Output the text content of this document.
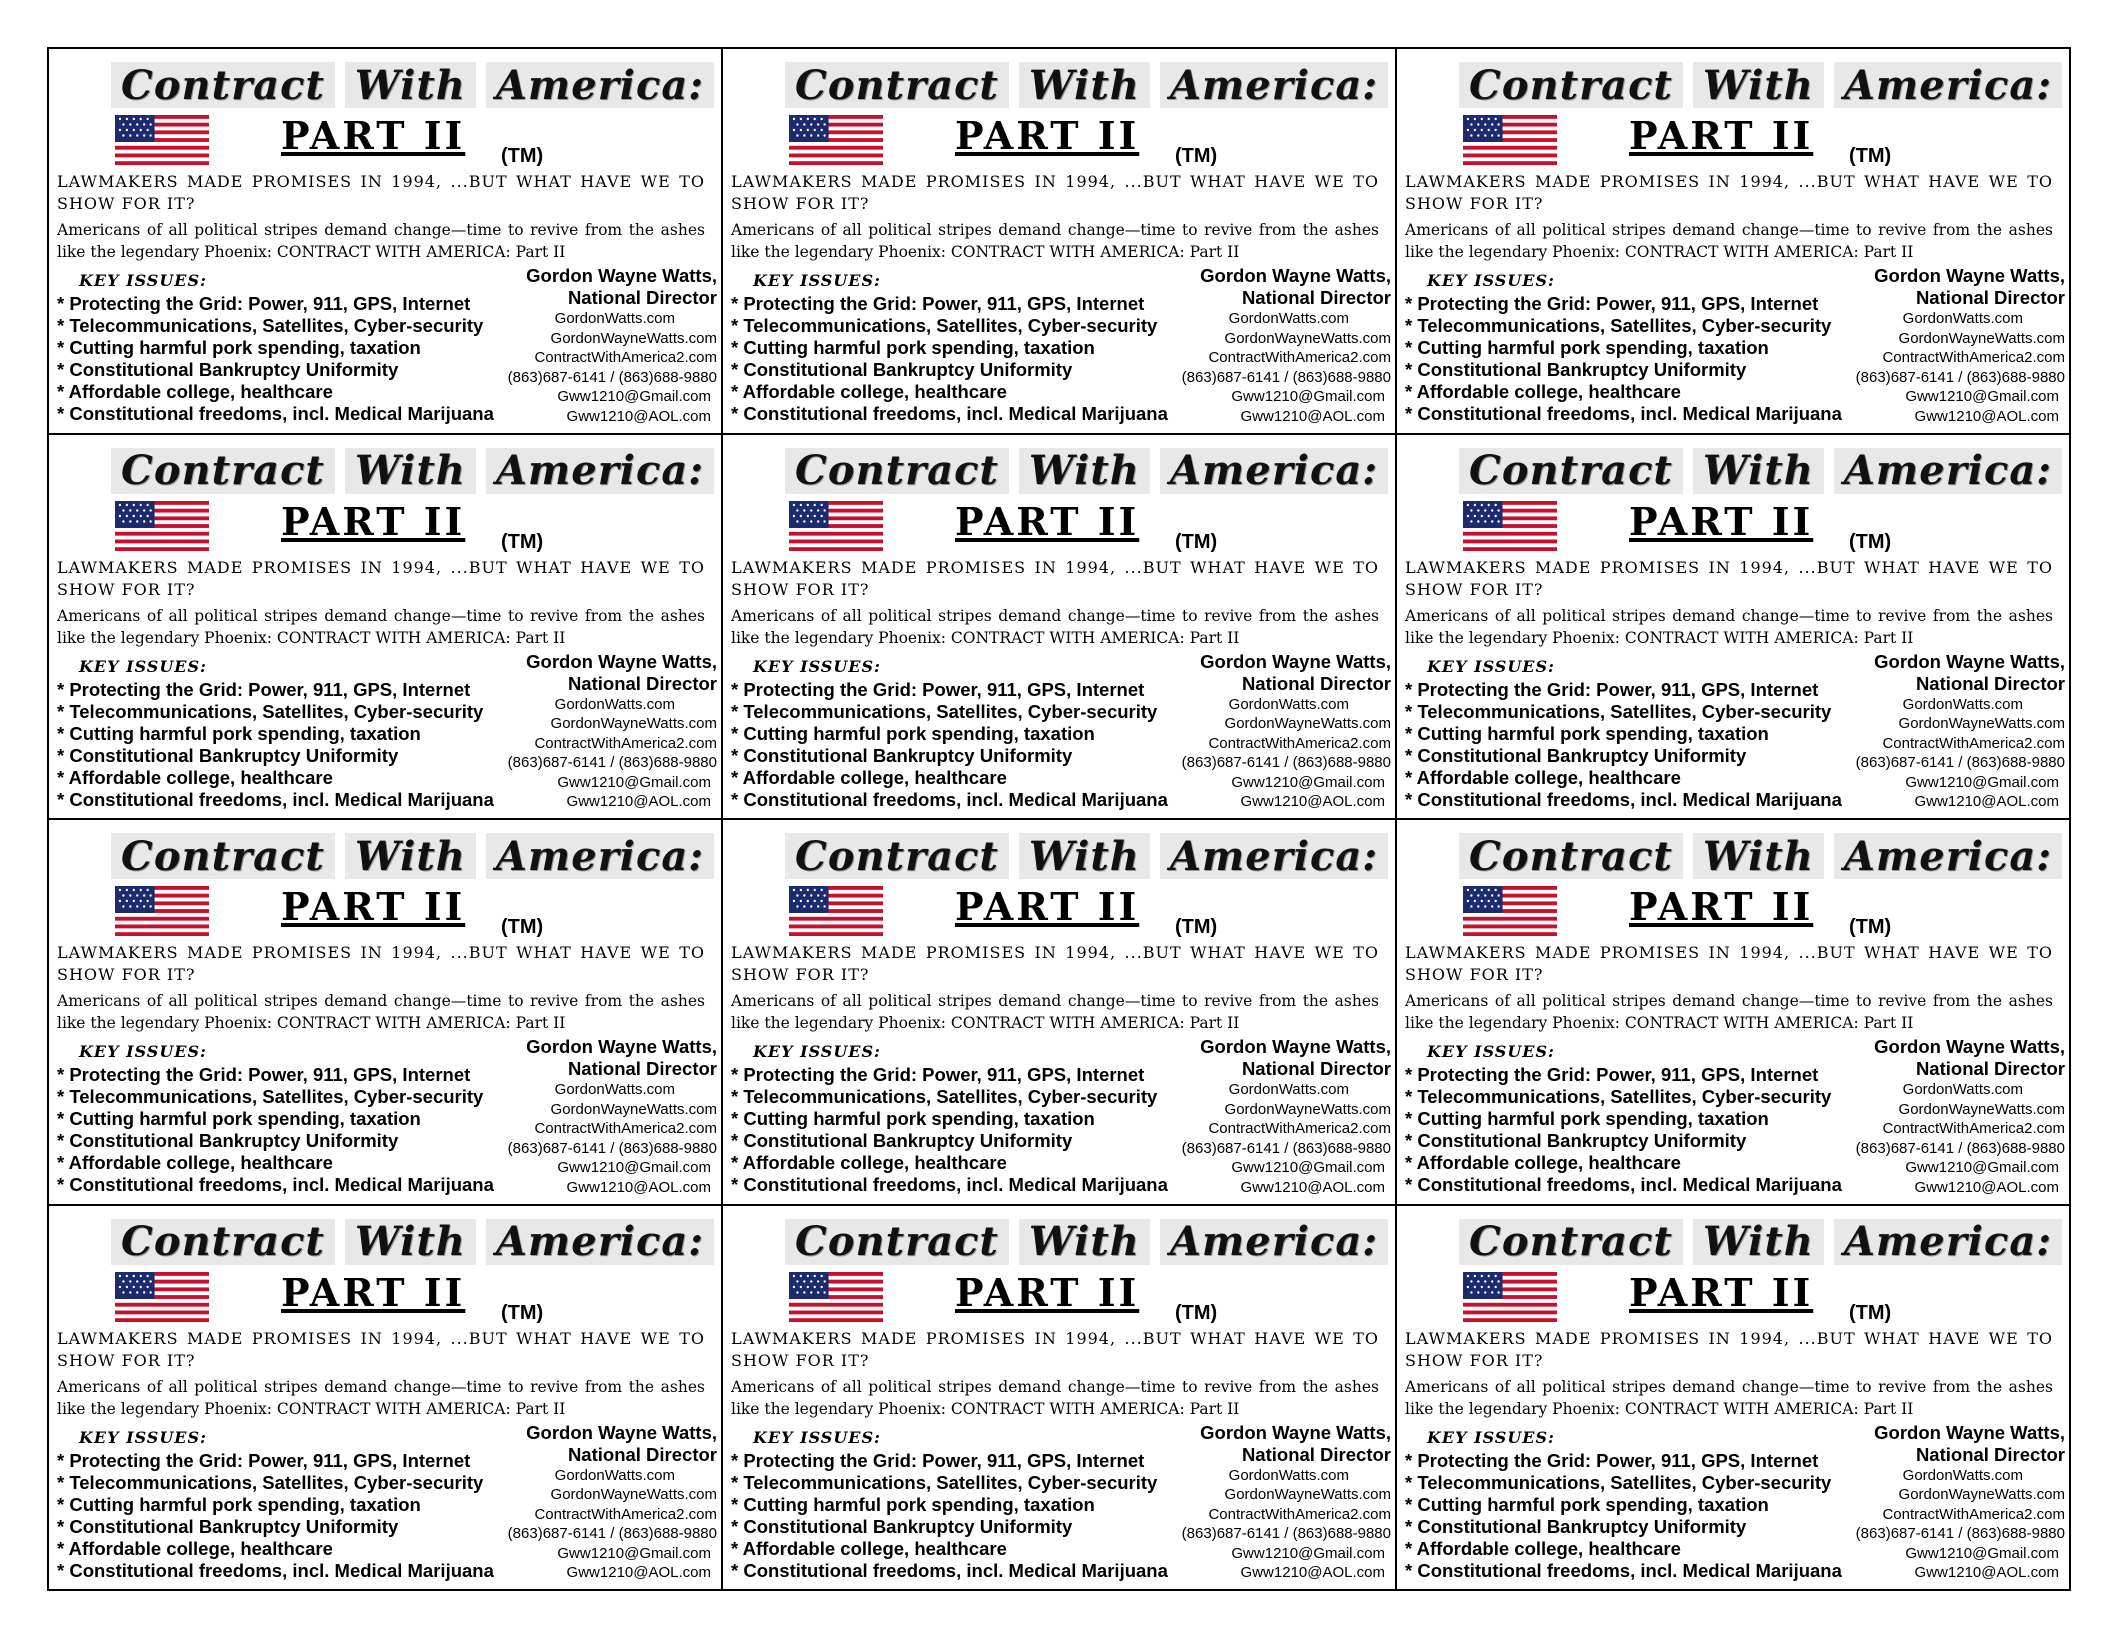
Contract With America:
PART II (TM)
LAWMAKERS MADE PROMISES IN 1994, ...BUT WHAT HAVE WE TO SHOW FOR IT?
Americans of all political stripes demand change—time to revive from the ashes like the legendary Phoenix: CONTRACT WITH AMERICA: Part II
KEY ISSUES:
* Protecting the Grid: Power, 911, GPS, Internet
* Telecommunications, Satellites, Cyber-security
* Cutting harmful pork spending, taxation
* Constitutional Bankruptcy Uniformity
* Affordable college, healthcare
* Constitutional freedoms, incl. Medical Marijuana
Gordon Wayne Watts,
National Director
GordonWatts.com
GordonWayneWatts.com
ContractWithAmerica2.com
(863)687-6141 / (863)688-9880
Gww1210@Gmail.com
Gww1210@AOL.com
Contract With America:
PART II (TM)
LAWMAKERS MADE PROMISES IN 1994, ...BUT WHAT HAVE WE TO SHOW FOR IT?
Americans of all political stripes demand change—time to revive from the ashes like the legendary Phoenix: CONTRACT WITH AMERICA: Part II
KEY ISSUES:
* Protecting the Grid: Power, 911, GPS, Internet
* Telecommunications, Satellites, Cyber-security
* Cutting harmful pork spending, taxation
* Constitutional Bankruptcy Uniformity
* Affordable college, healthcare
* Constitutional freedoms, incl. Medical Marijuana
Gordon Wayne Watts,
National Director
GordonWatts.com
GordonWayneWatts.com
ContractWithAmerica2.com
(863)687-6141 / (863)688-9880
Gww1210@Gmail.com
Gww1210@AOL.com
Contract With America:
PART II (TM)
LAWMAKERS MADE PROMISES IN 1994, ...BUT WHAT HAVE WE TO SHOW FOR IT?
Americans of all political stripes demand change—time to revive from the ashes like the legendary Phoenix: CONTRACT WITH AMERICA: Part II
KEY ISSUES:
* Protecting the Grid: Power, 911, GPS, Internet
* Telecommunications, Satellites, Cyber-security
* Cutting harmful pork spending, taxation
* Constitutional Bankruptcy Uniformity
* Affordable college, healthcare
* Constitutional freedoms, incl. Medical Marijuana
Gordon Wayne Watts,
National Director
GordonWatts.com
GordonWayneWatts.com
ContractWithAmerica2.com
(863)687-6141 / (863)688-9880
Gww1210@Gmail.com
Gww1210@AOL.com
Contract With America:
PART II (TM)
LAWMAKERS MADE PROMISES IN 1994, ...BUT WHAT HAVE WE TO SHOW FOR IT?
Americans of all political stripes demand change—time to revive from the ashes like the legendary Phoenix: CONTRACT WITH AMERICA: Part II
KEY ISSUES:
* Protecting the Grid: Power, 911, GPS, Internet
* Telecommunications, Satellites, Cyber-security
* Cutting harmful pork spending, taxation
* Constitutional Bankruptcy Uniformity
* Affordable college, healthcare
* Constitutional freedoms, incl. Medical Marijuana
Gordon Wayne Watts,
National Director
GordonWatts.com
GordonWayneWatts.com
ContractWithAmerica2.com
(863)687-6141 / (863)688-9880
Gww1210@Gmail.com
Gww1210@AOL.com
Contract With America:
PART II (TM)
LAWMAKERS MADE PROMISES IN 1994, ...BUT WHAT HAVE WE TO SHOW FOR IT?
Americans of all political stripes demand change—time to revive from the ashes like the legendary Phoenix: CONTRACT WITH AMERICA: Part II
KEY ISSUES:
* Protecting the Grid: Power, 911, GPS, Internet
* Telecommunications, Satellites, Cyber-security
* Cutting harmful pork spending, taxation
* Constitutional Bankruptcy Uniformity
* Affordable college, healthcare
* Constitutional freedoms, incl. Medical Marijuana
Gordon Wayne Watts,
National Director
GordonWatts.com
GordonWayneWatts.com
ContractWithAmerica2.com
(863)687-6141 / (863)688-9880
Gww1210@Gmail.com
Gww1210@AOL.com
Contract With America:
PART II (TM)
LAWMAKERS MADE PROMISES IN 1994, ...BUT WHAT HAVE WE TO SHOW FOR IT?
Americans of all political stripes demand change—time to revive from the ashes like the legendary Phoenix: CONTRACT WITH AMERICA: Part II
KEY ISSUES:
* Protecting the Grid: Power, 911, GPS, Internet
* Telecommunications, Satellites, Cyber-security
* Cutting harmful pork spending, taxation
* Constitutional Bankruptcy Uniformity
* Affordable college, healthcare
* Constitutional freedoms, incl. Medical Marijuana
Gordon Wayne Watts,
National Director
GordonWatts.com
GordonWayneWatts.com
ContractWithAmerica2.com
(863)687-6141 / (863)688-9880
Gww1210@Gmail.com
Gww1210@AOL.com
Contract With America:
PART II (TM)
LAWMAKERS MADE PROMISES IN 1994, ...BUT WHAT HAVE WE TO SHOW FOR IT?
Americans of all political stripes demand change—time to revive from the ashes like the legendary Phoenix: CONTRACT WITH AMERICA: Part II
KEY ISSUES:
* Protecting the Grid: Power, 911, GPS, Internet
* Telecommunications, Satellites, Cyber-security
* Cutting harmful pork spending, taxation
* Constitutional Bankruptcy Uniformity
* Affordable college, healthcare
* Constitutional freedoms, incl. Medical Marijuana
Gordon Wayne Watts,
National Director
GordonWatts.com
GordonWayneWatts.com
ContractWithAmerica2.com
(863)687-6141 / (863)688-9880
Gww1210@Gmail.com
Gww1210@AOL.com
Contract With America:
PART II (TM)
LAWMAKERS MADE PROMISES IN 1994, ...BUT WHAT HAVE WE TO SHOW FOR IT?
Americans of all political stripes demand change—time to revive from the ashes like the legendary Phoenix: CONTRACT WITH AMERICA: Part II
KEY ISSUES:
* Protecting the Grid: Power, 911, GPS, Internet
* Telecommunications, Satellites, Cyber-security
* Cutting harmful pork spending, taxation
* Constitutional Bankruptcy Uniformity
* Affordable college, healthcare
* Constitutional freedoms, incl. Medical Marijuana
Gordon Wayne Watts,
National Director
GordonWatts.com
GordonWayneWatts.com
ContractWithAmerica2.com
(863)687-6141 / (863)688-9880
Gww1210@Gmail.com
Gww1210@AOL.com
Contract With America:
PART II (TM)
LAWMAKERS MADE PROMISES IN 1994, ...BUT WHAT HAVE WE TO SHOW FOR IT?
Americans of all political stripes demand change—time to revive from the ashes like the legendary Phoenix: CONTRACT WITH AMERICA: Part II
KEY ISSUES:
* Protecting the Grid: Power, 911, GPS, Internet
* Telecommunications, Satellites, Cyber-security
* Cutting harmful pork spending, taxation
* Constitutional Bankruptcy Uniformity
* Affordable college, healthcare
* Constitutional freedoms, incl. Medical Marijuana
Gordon Wayne Watts,
National Director
GordonWatts.com
GordonWayneWatts.com
ContractWithAmerica2.com
(863)687-6141 / (863)688-9880
Gww1210@Gmail.com
Gww1210@AOL.com
Contract With America:
PART II (TM)
LAWMAKERS MADE PROMISES IN 1994, ...BUT WHAT HAVE WE TO SHOW FOR IT?
Americans of all political stripes demand change—time to revive from the ashes like the legendary Phoenix: CONTRACT WITH AMERICA: Part II
KEY ISSUES:
* Protecting the Grid: Power, 911, GPS, Internet
* Telecommunications, Satellites, Cyber-security
* Cutting harmful pork spending, taxation
* Constitutional Bankruptcy Uniformity
* Affordable college, healthcare
* Constitutional freedoms, incl. Medical Marijuana
Gordon Wayne Watts,
National Director
GordonWatts.com
GordonWayneWatts.com
ContractWithAmerica2.com
(863)687-6141 / (863)688-9880
Gww1210@Gmail.com
Gww1210@AOL.com
Contract With America:
PART II (TM)
LAWMAKERS MADE PROMISES IN 1994, ...BUT WHAT HAVE WE TO SHOW FOR IT?
Americans of all political stripes demand change—time to revive from the ashes like the legendary Phoenix: CONTRACT WITH AMERICA: Part II
KEY ISSUES:
* Protecting the Grid: Power, 911, GPS, Internet
* Telecommunications, Satellites, Cyber-security
* Cutting harmful pork spending, taxation
* Constitutional Bankruptcy Uniformity
* Affordable college, healthcare
* Constitutional freedoms, incl. Medical Marijuana
Gordon Wayne Watts,
National Director
GordonWatts.com
GordonWayneWatts.com
ContractWithAmerica2.com
(863)687-6141 / (863)688-9880
Gww1210@Gmail.com
Gww1210@AOL.com
Contract With America:
PART II (TM)
LAWMAKERS MADE PROMISES IN 1994, ...BUT WHAT HAVE WE TO SHOW FOR IT?
Americans of all political stripes demand change—time to revive from the ashes like the legendary Phoenix: CONTRACT WITH AMERICA: Part II
KEY ISSUES:
* Protecting the Grid: Power, 911, GPS, Internet
* Telecommunications, Satellites, Cyber-security
* Cutting harmful pork spending, taxation
* Constitutional Bankruptcy Uniformity
* Affordable college, healthcare
* Constitutional freedoms, incl. Medical Marijuana
Gordon Wayne Watts,
National Director
GordonWatts.com
GordonWayneWatts.com
ContractWithAmerica2.com
(863)687-6141 / (863)688-9880
Gww1210@Gmail.com
Gww1210@AOL.com
